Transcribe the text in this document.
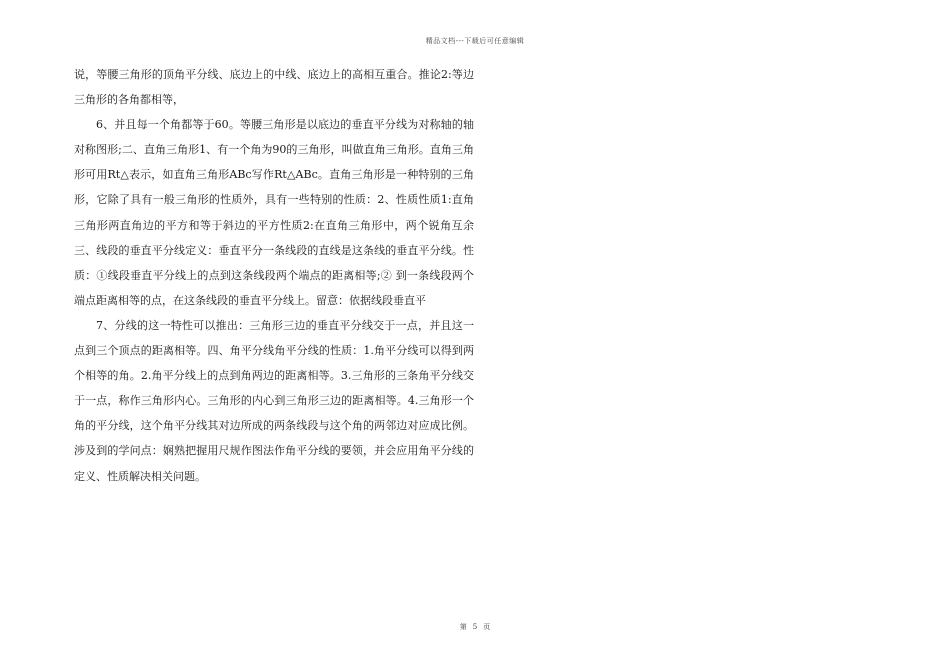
精品文档---下载后可任意编辑

说，等腰三角形的顶角平分线、底边上的中线、底边上的高相互重合。推论2:等边三角形的各角都相等，

6、并且每一个角都等于60。等腰三角形是以底边的垂直平分线为对称轴的轴对称图形;二、直角三角形1、有一个角为90的三角形，叫做直角三角形。直角三角形可用Rt△表示，如直角三角形ABc写作Rt△ABc。直角三角形是一种特别的三角形，它除了具有一般三角形的性质外，具有一些特别的性质：2、性质性质1:直角三角形两直角边的平方和等于斜边的平方性质2:在直角三角形中，两个锐角互余三、线段的垂直平分线定义：垂直平分一条线段的直线是这条线的垂直平分线。性质：①线段垂直平分线上的点到这条线段两个端点的距离相等;② 到一条线段两个端点距离相等的点，在这条线段的垂直平分线上。留意：依据线段垂直平

7、分线的这一特性可以推出：三角形三边的垂直平分线交于一点，并且这一点到三个顶点的距离相等。四、角平分线角平分线的性质：1.角平分线可以得到两个相等的角。2.角平分线上的点到角两边的距离相等。3.三角形的三条角平分线交于一点，称作三角形内心。三角形的内心到三角形三边的距离相等。4.三角形一个角的平分线，这个角平分线其对边所成的两条线段与这个角的两邻边对应成比例。涉及到的学问点：娴熟把握用尺规作图法作角平分线的要领，并会应用角平分线的定义、性质解决相关问题。

第 5 页
